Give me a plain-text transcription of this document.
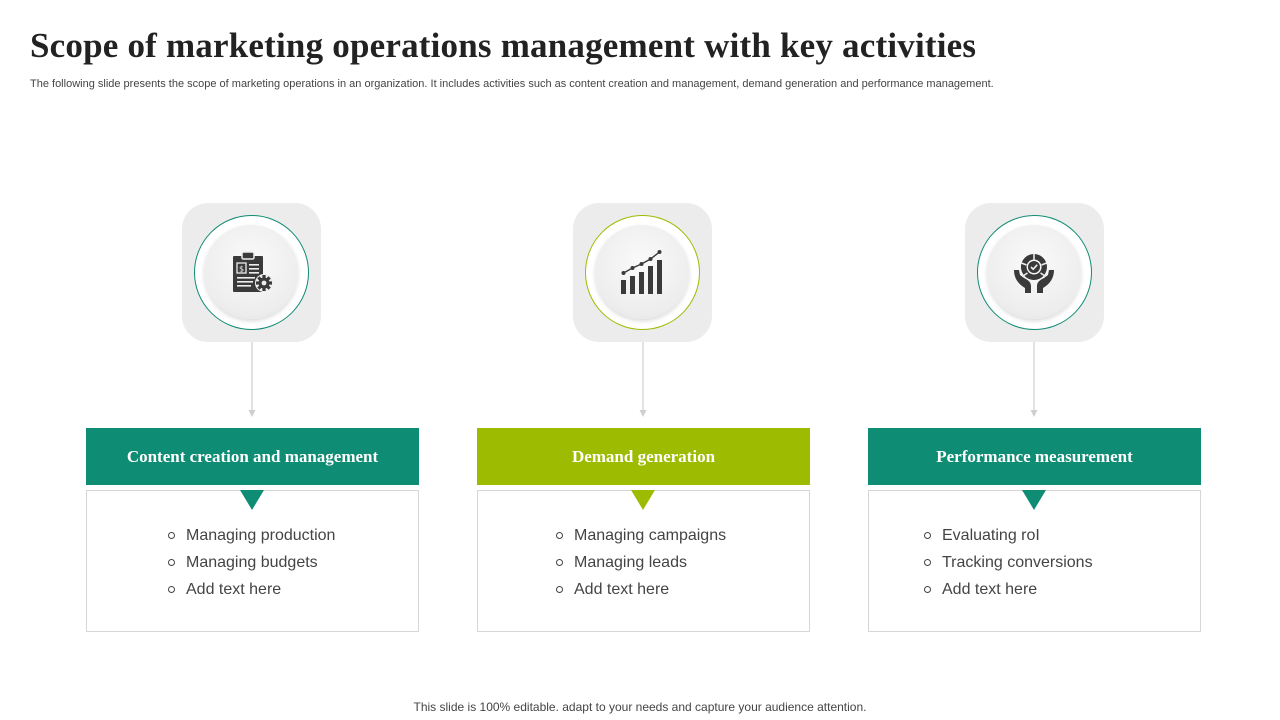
Scope of marketing operations management with key activities
The following slide presents the scope of marketing operations in an organization. It includes activities such as content creation and management, demand generation and performance management.
$
Content creation and management
Managing production
Managing budgets
Add text here
Demand generation
Managing campaigns
Managing leads
Add text here
Performance measurement
Evaluating roI
Tracking conversions
Add text here
This slide is 100% editable. adapt to your needs and capture your audience attention.
